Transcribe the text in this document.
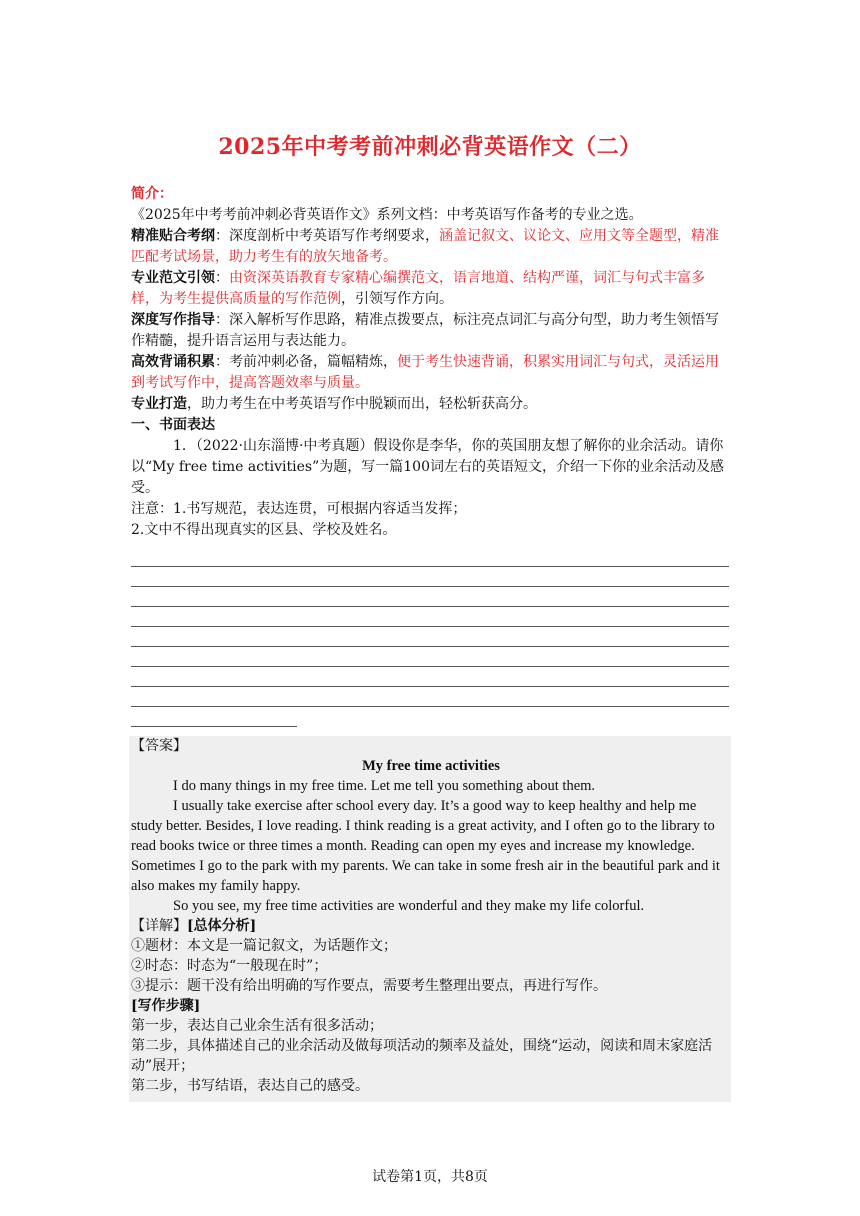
2025年中考考前冲刺必背英语作文（二）

简介：

《2025年中考考前冲刺必背英语作文》系列文档：中考英语写作备考的专业之选。

精准贴合考纲：深度剖析中考英语写作考纲要求，涵盖记叙文、议论文、应用文等全题型，精准匹配考试场景，助力考生有的放矢地备考。

专业范文引领：由资深英语教育专家精心编撰范文，语言地道、结构严谨，词汇与句式丰富多样，为考生提供高质量的写作范例，引领写作方向。

深度写作指导：深入解析写作思路，精准点拨要点，标注亮点词汇与高分句型，助力考生领悟写作精髓，提升语言运用与表达能力。

高效背诵积累：考前冲刺必备，篇幅精炼，便于考生快速背诵，积累实用词汇与句式，灵活运用到考试写作中，提高答题效率与质量。

专业打造，助力考生在中考英语写作中脱颖而出，轻松斩获高分。

一、书面表达

1．（2022·山东淄博·中考真题）假设你是李华，你的英国朋友想了解你的业余活动。请你以“My free time activities”为题，写一篇100词左右的英语短文，介绍一下你的业余活动及感受。

注意：1.书写规范，表达连贯，可根据内容适当发挥；

2.文中不得出现真实的区县、学校及姓名。

【答案】

My free time activities

I do many things in my free time. Let me tell you something about them.

I usually take exercise after school every day. It’s a good way to keep healthy and help me study better. Besides, I love reading. I think reading is a great activity, and I often go to the library to read books twice or three times a month. Reading can open my eyes and increase my knowledge. Sometimes I go to the park with my parents. We can take in some fresh air in the beautiful park and it also makes my family happy.

So you see, my free time activities are wonderful and they make my life colorful.

【详解】[总体分析]

①题材：本文是一篇记叙文，为话题作文；

②时态：时态为“一般现在时”；

③提示：题干没有给出明确的写作要点，需要考生整理出要点，再进行写作。

[写作步骤]

第一步，表达自己业余生活有很多活动；

第二步，具体描述自己的业余活动及做每项活动的频率及益处，围绕“运动，阅读和周末家庭活动”展开；

第二步，书写结语，表达自己的感受。

试卷第1页，共8页
